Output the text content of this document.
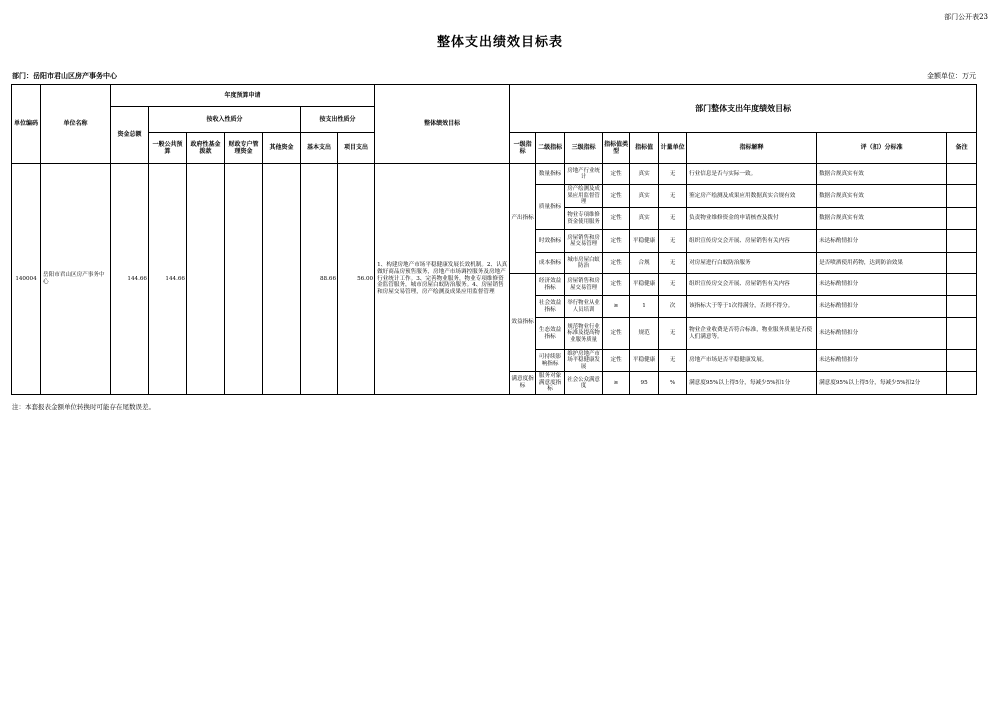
部门公开表23
整体支出绩效目标表
部门：岳阳市君山区房产事务中心	金额单位：万元
单位编码	单位名称	年度预算申请							整体绩效目标	部门整体支出年度绩效目标								
		资金总额	按收入性质分				按支出性质分											
			一般公共预算	政府性基金拨款	财政专户管理资金	其他资金	基本支出	项目支出		一级指标	二级指标	三级指标	指标值类型	指标值	计量单位	指标解释	评（扣）分标准	备注
140004	岳阳市君山区房产事务中心	144.66	144.66				88.66	56.00	1、构建房地产市场平稳健康发展长效机制。2、认真做好商品房预售服务，房地产市场调控服务及房地产行业统计工作。3、完善物业服务，物业专项维修资金监管服务，城市房屋白蚁防治服务。4、房屋销售和房屋交易管理，房产绘测及成果应用监督管理	产出指标	数量指标	房地产行业统计	定性	真实	无	行业信息是否与实际一致。	数据合规真实有效	
											质量指标	房产绘测及成果应用监督管理	定性	真实	无	鉴定房产绘测及成果应用数据真实合规有效	数据合规真实有效	
												物业专项维修资金使用服务	定性	真实	无	负责物业维修资金的申请核查及拨付	数据合规真实有效	
											时效指标	房屋销售和房屋交易管理	定性	平稳健康	无	组织宣传房交会开展、房屋销售有关内容	未达标酌情扣分	
											成本指标	城市房屋白蚁防治	定性	合规	无	对房屋进行白蚁防治服务	是否喷洒使用药物，达到防治效果	
										效益指标	经济效益指标	房屋销售和房屋交易管理	定性	平稳健康	无	组织宣传房交会开展、房屋销售有关内容	未达标酌情扣分	
											社会效益指标	举行物业从业人员培训	≥	1	次	该指标大于等于1次得满分，否则不得分。	未达标酌情扣分	
											生态效益指标	规范物业行业标准及提高物业服务质量	定性	规范	无	物业企业收费是否符合标准，物业服务质量是否使人们满意等。	未达标酌情扣分	
											可持续影响指标	维护房地产市场平稳健康发展	定性	平稳健康	无	房地产市场是否平稳健康发展。	未达标酌情扣分	
										满意度指标	服务对象满意度指标	社会公众满意度	≥	95	%	满意度95%以上得5分，每减少5%扣1分	满意度95%以上得5分，每减少5%扣2分	
注：本套报表金额单位转换时可能存在尾数误差。
